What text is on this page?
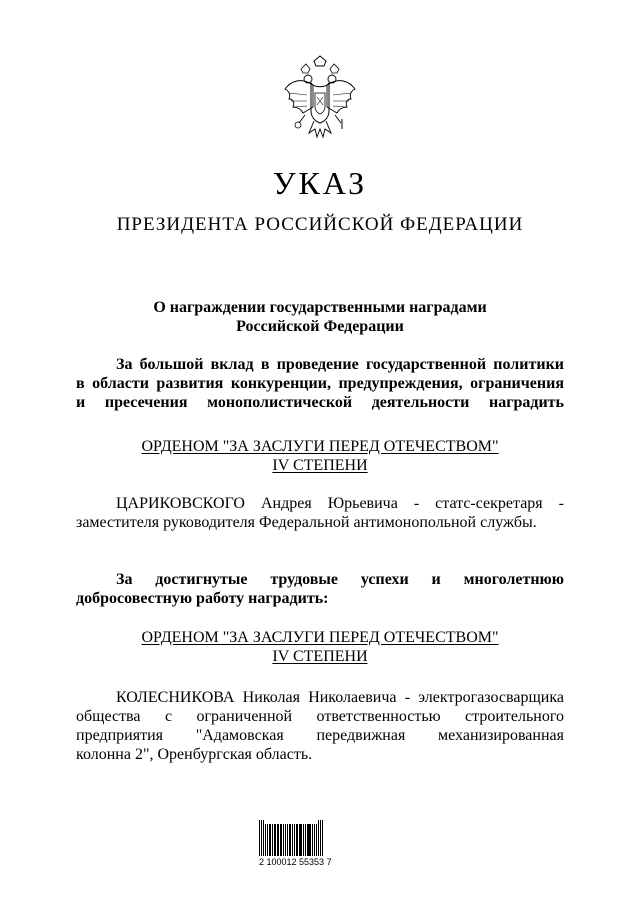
УКАЗ
ПРЕЗИДЕНТА РОССИЙСКОЙ ФЕДЕРАЦИИ
О награждении государственными наградами
Российской Федерации
За большой вклад в проведение государственной политики
в области развития конкуренции, предупреждения, ограничения
и пресечения монополистической деятельности наградить
ОРДЕНОМ "ЗА ЗАСЛУГИ ПЕРЕД ОТЕЧЕСТВОМ"
IV СТЕПЕНИ
ЦАРИКОВСКОГО Андрея Юрьевича - статс-секретаря -
заместителя руководителя Федеральной антимонопольной службы.
За достигнутые трудовые успехи и многолетнюю
добросовестную работу наградить:
ОРДЕНОМ "ЗА ЗАСЛУГИ ПЕРЕД ОТЕЧЕСТВОМ"
IV СТЕПЕНИ
КОЛЕСНИКОВА Николая Николаевича - электрогазосварщика
общества с ограниченной ответственностью строительного
предприятия "Адамовская передвижная механизированная
колонна 2", Оренбургская область.
2 100012 55353 7
